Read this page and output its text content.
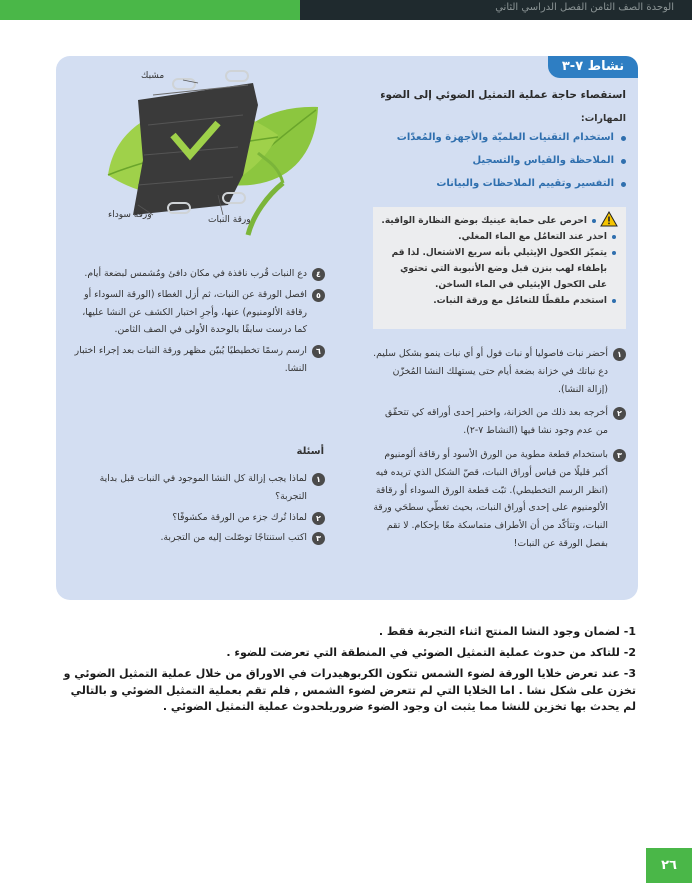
الوحدة الصف الثامن الفصل الدراسي الثاني
نشاط ٧-٣
مشبك
ورقة سوداء	ورقة النبات
استقصاء حاجة عملية التمثيل الضوئي إلى الضوء
المهارات:
استخدام التقنيات العلميّة والأجهزة والمُعدّات
الملاحظة والقياس والتسجيل
التفسير وتقييم الملاحظات والبيانات
احرص على حماية عينيك بوضع النظارة الواقية.
احذر عند التعامُل مع الماء المغلي.
يتميّز الكحول الإيثيلي بأنه سريع الاشتعال. لذا قم بإطفاء لهب بنزن قبل وضع الأنبوبة التي تحتوي على الكحول الإيثيلي في الماء الساخن.
استخدم ملقطًا للتعامُل مع ورقة النبات.
١
أحضر نبات فاصوليا أو نبات فول أو أي نبات ينمو بشكل سليم. دع نباتك في خزانة بضعة أيام حتى يستهلك النشا المُخزّن (إزالة النشا).
٢
أخرجه بعد ذلك من الخزانة، واختبر إحدى أوراقه كي تتحقّق من عدم وجود نشا فيها (النشاط ٧-٢).
٣
باستخدام قطعة مطوية من الورق الأسود أو رقاقة ألومنيوم أكبر قليلًا من قياس أوراق النبات، قصّ الشكل الذي تريده فيه (انظر الرسم التخطيطي). ثبّت قطعة الورق السوداء أو رقاقة الألومنيوم على إحدى أوراق النبات، بحيث تغطّي سطحَي ورقة النبات، وتتأكّد من أن الأطراف متماسكة معًا بإحكام. لا تقم بفصل الورقة عن النبات!
٤
دع النبات قُرب نافذة في مكان دافئ ومُشمس لبضعة أيام.
٥
افصل الورقة عن النبات، ثم أزل الغطاء (الورقة السوداء أو رقاقة الألومنيوم) عنها، وأجرِ اختبار الكشف عن النشا عليها، كما درست سابقًا بالوحدة الأولى في الصف الثامن.
٦
ارسم رسمًا تخطيطيًا يُبيّن مظهر ورقة النبات بعد إجراء اختبار النشا.
أسئلة
١
لماذا يجب إزالة كل النشا الموجود في النبات قبل بداية التجربة؟
٢
لماذا تُرك جزء من الورقة مكشوفًا؟
٣
اكتب استنتاجًا توصّلت إليه من التجربة.

1- لضمان وجود النشا المنتج اثناء التجربة فقط .

2- للتاكد من حدوث عملية التمثيل الضوئي في المنطقة التي تعرضت للضوء .

3- عند تعرض خلايا الورقة لضوء الشمس تتكون الكربوهيدرات في الاوراق من خلال عملية التمثيل الضوئي و تخزن على شكل نشا . اما الخلايا التي لم تتعرض لضوء الشمس , فلم تقم بعملية التمثيل الضوئي و بالتالي لم يحدث بها تخزين للنشا مما يثبت ان وجود الضوء ضروريلحدوث عملية التمثيل الضوئي .

٢٦
